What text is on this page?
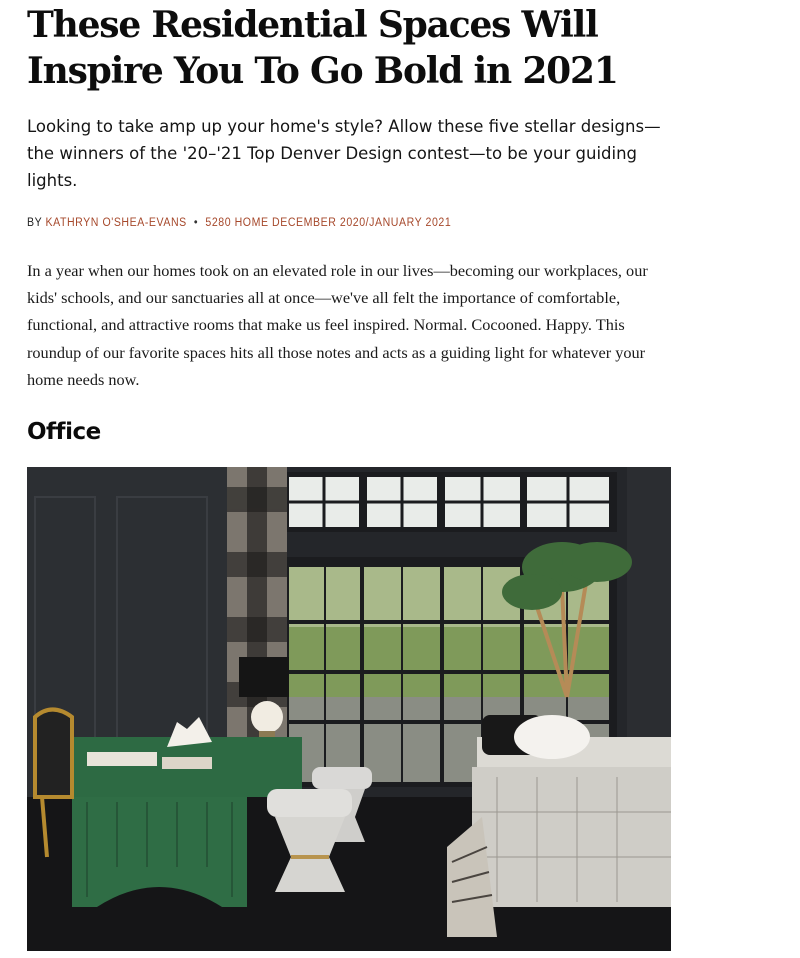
These Residential Spaces Will Inspire You To Go Bold in 2021

Looking to take amp up your home's style? Allow these five stellar designs—the winners of the '20–'21 Top Denver Design contest—to be your guiding lights.

BY KATHRYN O'SHEA-EVANS • 5280 HOME DECEMBER 2020/JANUARY 2021

In a year when our homes took on an elevated role in our lives—becoming our workplaces, our kids' schools, and our sanctuaries all at once—we've all felt the importance of comfortable, functional, and attractive rooms that make us feel inspired. Normal. Cocooned. Happy. This roundup of our favorite spaces hits all those notes and acts as a guiding light for whatever your home needs now.

Office
